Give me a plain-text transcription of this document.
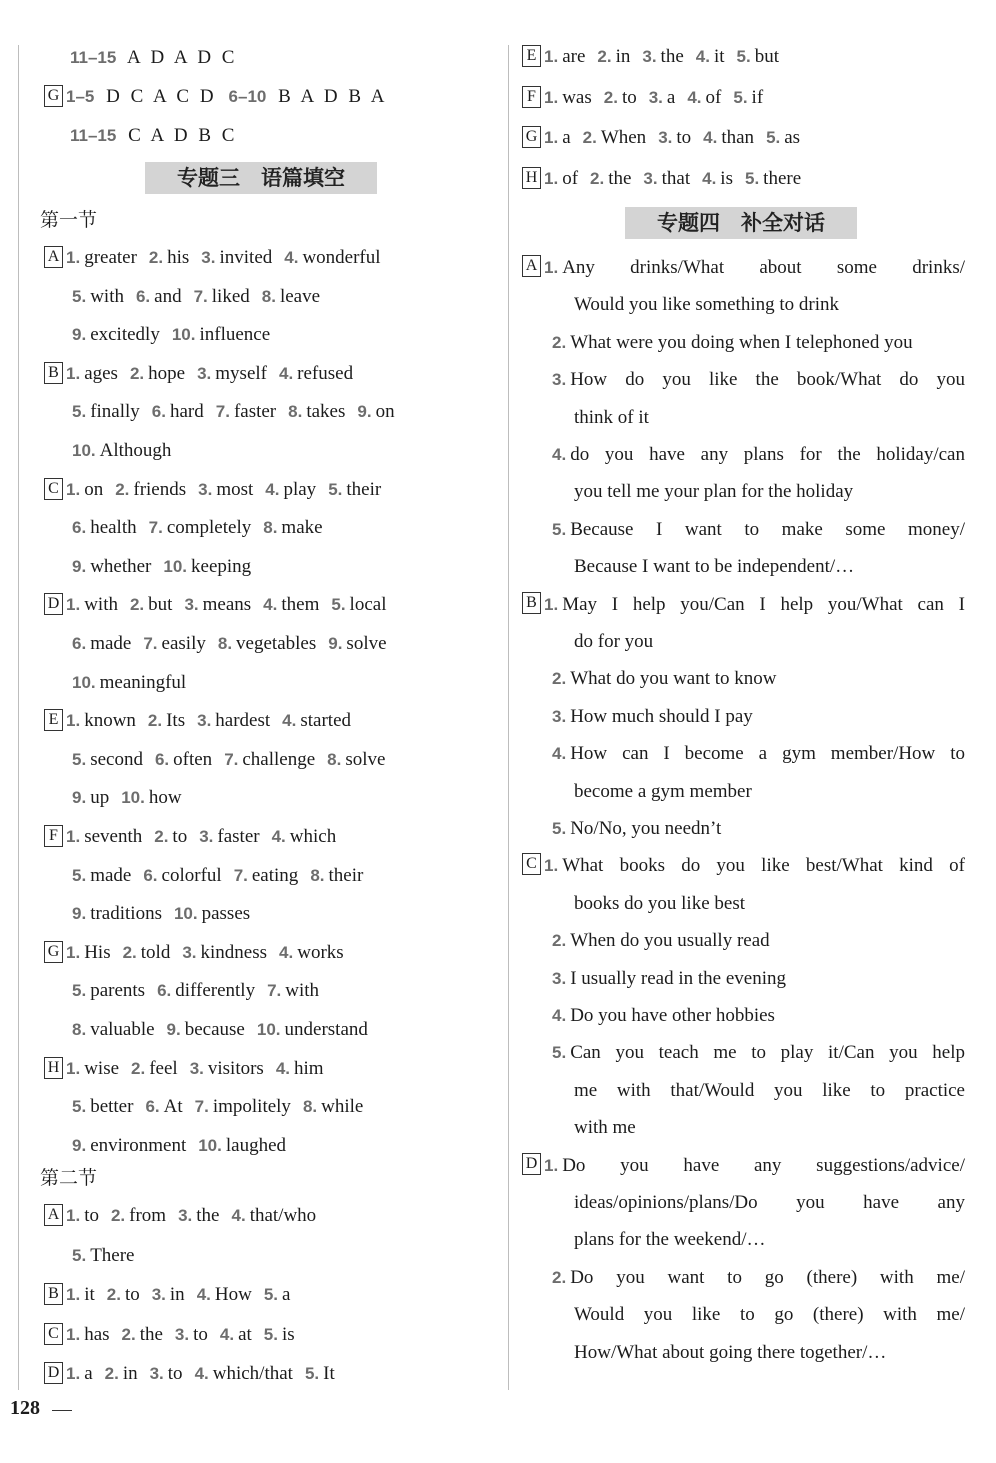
11–15 A D A D C
G 1–5 D C A C D 6–10 B A D B A
11–15 C A D B C
专题三　语篇填空
第一节
A 1. greater 2. his 3. invited 4. wonderful
5. with 6. and 7. liked 8. leave
9. excitedly 10. influence
B 1. ages 2. hope 3. myself 4. refused
5. finally 6. hard 7. faster 8. takes 9. on
10. Although
C 1. on 2. friends 3. most 4. play 5. their
6. health 7. completely 8. make
9. whether 10. keeping
D 1. with 2. but 3. means 4. them 5. local
6. made 7. easily 8. vegetables 9. solve
10. meaningful
E 1. known 2. Its 3. hardest 4. started
5. second 6. often 7. challenge 8. solve
9. up 10. how
F 1. seventh 2. to 3. faster 4. which
5. made 6. colorful 7. eating 8. their
9. traditions 10. passes
G 1. His 2. told 3. kindness 4. works
5. parents 6. differently 7. with
8. valuable 9. because 10. understand
H 1. wise 2. feel 3. visitors 4. him
5. better 6. At 7. impolitely 8. while
9. environment 10. laughed
第二节
A 1. to 2. from 3. the 4. that/who
5. There
B 1. it 2. to 3. in 4. How 5. a
C 1. has 2. the 3. to 4. at 5. is
D 1. a 2. in 3. to 4. which/that 5. It
E 1. are 2. in 3. the 4. it 5. but
F 1. was 2. to 3. a 4. of 5. if
G 1. a 2. When 3. to 4. than 5. as
H 1. of 2. the 3. that 4. is 5. there
专题四　补全对话
A 1. Any drinks/What about some drinks/
Would you like something to drink
2. What were you doing when I telephoned you
3. How do you like the book/What do you
think of it
4. do you have any plans for the holiday/can
you tell me your plan for the holiday
5. Because I want to make some money/
Because I want to be independent/…
B 1. May I help you/Can I help you/What can I
do for you
2. What do you want to know
3. How much should I pay
4. How can I become a gym member/How to
become a gym member
5. No/No, you needn’t
C 1. What books do you like best/What kind of
books do you like best
2. When do you usually read
3. I usually read in the evening
4. Do you have other hobbies
5. Can you teach me to play it/Can you help
me with that/Would you like to practice
with me
D 1. Do you have any suggestions/advice/
ideas/opinions/plans/Do you have any
plans for the weekend/…
2. Do you want to go (there) with me/
Would you like to go (there) with me/
How/What about going there together/…
128
